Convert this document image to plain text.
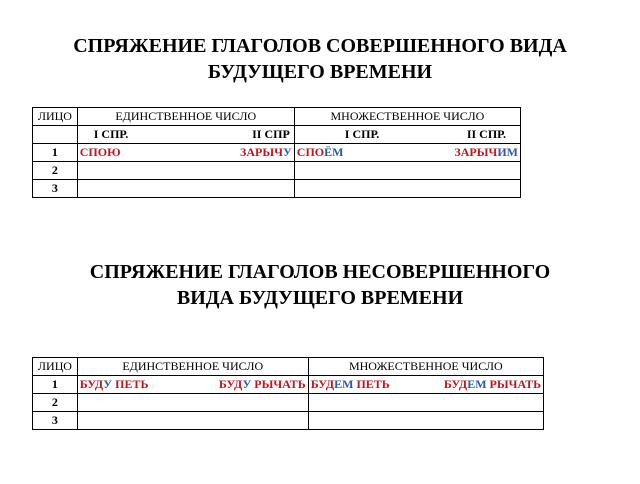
СПРЯЖЕНИЕ ГЛАГОЛОВ СОВЕРШЕННОГО ВИДА
БУДУЩЕГО ВРЕМЕНИ
ЛИЦО	ЕДИНСТВЕННОЕ ЧИСЛО	МНОЖЕСТВЕННОЕ ЧИСЛО

	I СПР. II СПР	I СПР. II СПР.

1	СПОЮ ЗАРЫЧУ	СПОЁМ ЗАРЫЧИМ

2		
3		
СПРЯЖЕНИЕ ГЛАГОЛОВ НЕСОВЕРШЕННОГО
ВИДА БУДУЩЕГО ВРЕМЕНИ
ЛИЦО	ЕДИНСТВЕННОЕ ЧИСЛО	МНОЖЕСТВЕННОЕ ЧИСЛО
1	БУДУ ПЕТЬ БУДУ РЫЧАТЬ	БУДЕМ ПЕТЬ БУДЕМ РЫЧАТЬ

2		
3		
